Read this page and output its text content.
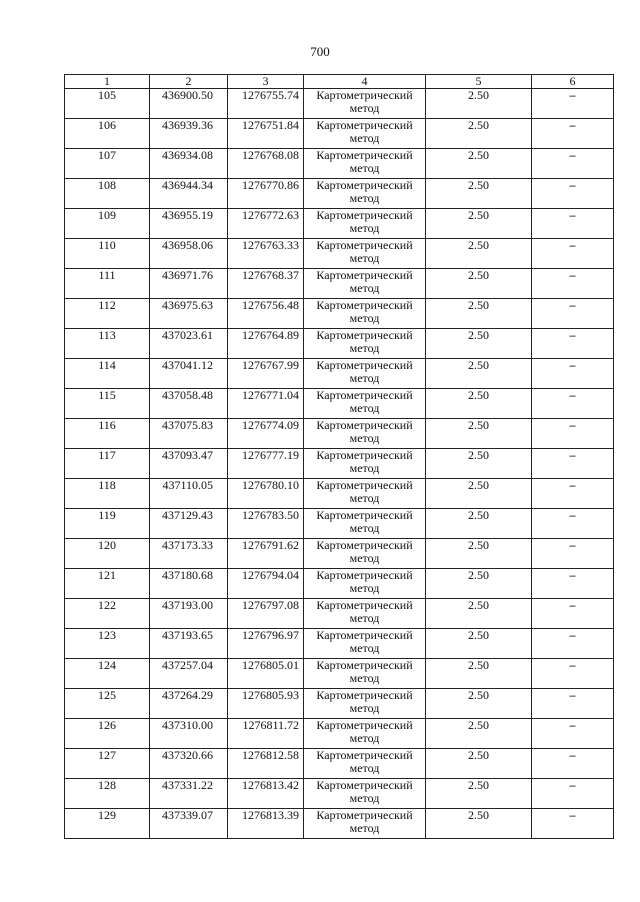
700
1	2	3	4	5	6
105	436900.50	1276755.74	Картометрический метод	2.50	–
106	436939.36	1276751.84	Картометрический метод	2.50	–
107	436934.08	1276768.08	Картометрический метод	2.50	–
108	436944.34	1276770.86	Картометрический метод	2.50	–
109	436955.19	1276772.63	Картометрический метод	2.50	–
110	436958.06	1276763.33	Картометрический метод	2.50	–
111	436971.76	1276768.37	Картометрический метод	2.50	–
112	436975.63	1276756.48	Картометрический метод	2.50	–
113	437023.61	1276764.89	Картометрический метод	2.50	–
114	437041.12	1276767.99	Картометрический метод	2.50	–
115	437058.48	1276771.04	Картометрический метод	2.50	–
116	437075.83	1276774.09	Картометрический метод	2.50	–
117	437093.47	1276777.19	Картометрический метод	2.50	–
118	437110.05	1276780.10	Картометрический метод	2.50	–
119	437129.43	1276783.50	Картометрический метод	2.50	–
120	437173.33	1276791.62	Картометрический метод	2.50	–
121	437180.68	1276794.04	Картометрический метод	2.50	–
122	437193.00	1276797.08	Картометрический метод	2.50	–
123	437193.65	1276796.97	Картометрический метод	2.50	–
124	437257.04	1276805.01	Картометрический метод	2.50	–
125	437264.29	1276805.93	Картометрический метод	2.50	–
126	437310.00	1276811.72	Картометрический метод	2.50	–
127	437320.66	1276812.58	Картометрический метод	2.50	–
128	437331.22	1276813.42	Картометрический метод	2.50	–
129	437339.07	1276813.39	Картометрический метод	2.50	–
